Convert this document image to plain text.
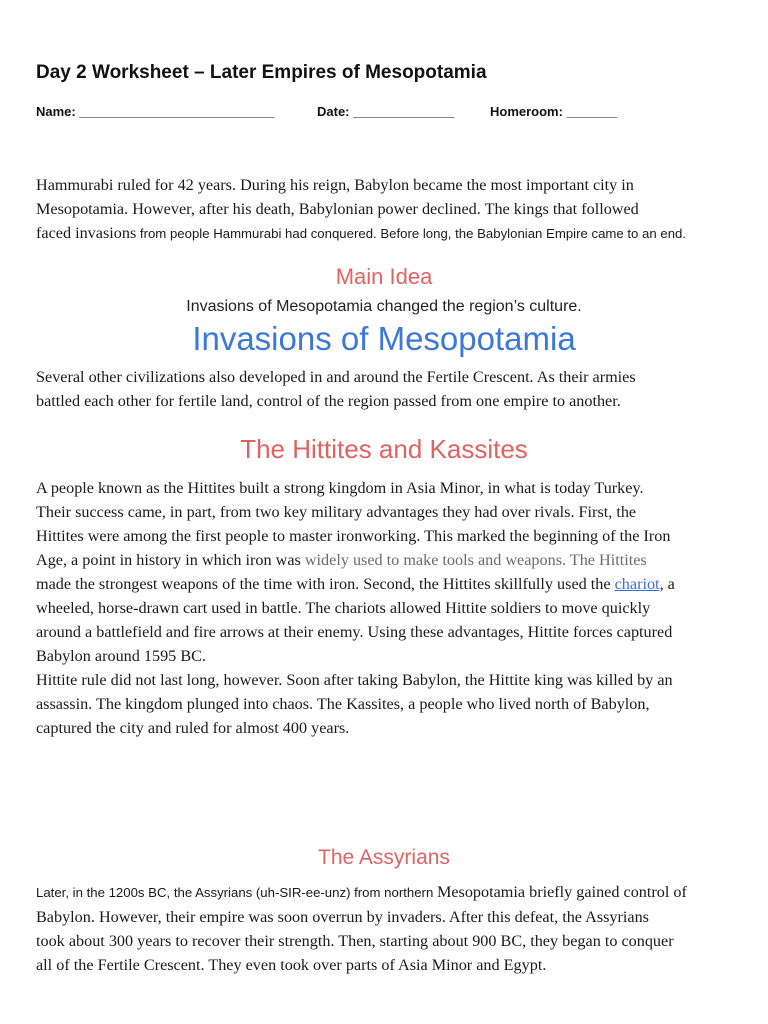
Day 2 Worksheet – Later Empires of Mesopotamia
Name: ___________________________	Date: ______________	Homeroom: _______
Hammurabi ruled for 42 years. During his reign, Babylon became the most important city in
Mesopotamia. However, after his death, Babylonian power declined. The kings that followed
faced invasions from people Hammurabi had conquered. Before long, the Babylonian Empire came to an end.
Main Idea
Invasions of Mesopotamia changed the region’s culture.
Invasions of Mesopotamia
Several other civilizations also developed in and around the Fertile Crescent. As their armies
battled each other for fertile land, control of the region passed from one empire to another.
The Hittites and Kassites
A people known as the Hittites built a strong kingdom in Asia Minor, in what is today Turkey.
Their success came, in part, from two key military advantages they had over rivals. First, the
Hittites were among the first people to master ironworking. This marked the beginning of the Iron
Age, a point in history in which iron was widely used to make tools and weapons. The Hittites
made the strongest weapons of the time with iron. Second, the Hittites skillfully used the chariot, a
wheeled, horse-drawn cart used in battle. The chariots allowed Hittite soldiers to move quickly
around a battlefield and fire arrows at their enemy. Using these advantages, Hittite forces captured
Babylon around 1595 BC.
Hittite rule did not last long, however. Soon after taking Babylon, the Hittite king was killed by an
assassin. The kingdom plunged into chaos. The Kassites, a people who lived north of Babylon,
captured the city and ruled for almost 400 years.
The Assyrians
Later, in the 1200s BC, the Assyrians (uh-SIR-ee-unz) from northern Mesopotamia briefly gained control of
Babylon. However, their empire was soon overrun by invaders. After this defeat, the Assyrians
took about 300 years to recover their strength. Then, starting about 900 BC, they began to conquer
all of the Fertile Crescent. They even took over parts of Asia Minor and Egypt.
